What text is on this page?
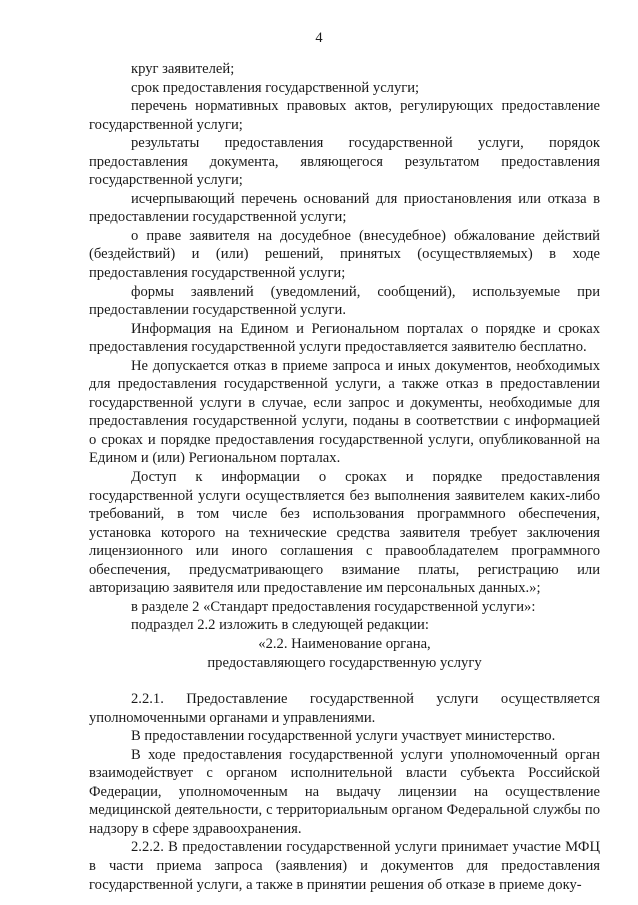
4

круг заявителей;

срок предоставления государственной услуги;

перечень нормативных правовых актов, регулирующих предоставление государственной услуги;

результаты предоставления государственной услуги, порядок предоставления документа, являющегося результатом предоставления государственной услуги;

исчерпывающий перечень оснований для приостановления или отказа в предоставлении государственной услуги;

о праве заявителя на досудебное (внесудебное) обжалование действий (бездействий) и (или) решений, принятых (осуществляемых) в ходе предоставления государственной услуги;

формы заявлений (уведомлений, сообщений), используемые при предоставлении государственной услуги.

Информация на Едином и Региональном порталах о порядке и сроках предоставления государственной услуги предоставляется заявителю бесплатно.

Не допускается отказ в приеме запроса и иных документов, необходимых для предоставления государственной услуги, а также отказ в предоставлении государственной услуги в случае, если запрос и документы, необходимые для предоставления государственной услуги, поданы в соответствии с информацией о сроках и порядке предоставления государственной услуги, опубликованной на Едином и (или) Региональном порталах.

Доступ к информации о сроках и порядке предоставления государственной услуги осуществляется без выполнения заявителем каких-либо требований, в том числе без использования программного обеспечения, установка которого на технические средства заявителя требует заключения лицензионного или иного соглашения с правообладателем программного обеспечения, предусматривающего взимание платы, регистрацию или авторизацию заявителя или предоставление им персональных данных.»;

в разделе 2 «Стандарт предоставления государственной услуги»:

подраздел 2.2 изложить в следующей редакции:

«2.2. Наименование органа,

предоставляющего государственную услугу

2.2.1. Предоставление государственной услуги осуществляется уполномоченными органами и управлениями.

В предоставлении государственной услуги участвует министерство.

В ходе предоставления государственной услуги уполномоченный орган взаимодействует с органом исполнительной власти субъекта Российской Федерации, уполномоченным на выдачу лицензии на осуществление медицинской деятельности, с территориальным органом Федеральной службы по надзору в сфере здравоохранения.

2.2.2. В предоставлении государственной услуги принимает участие МФЦ в части приема запроса (заявления) и документов для предоставления государственной услуги, а также в принятии решения об отказе в приеме доку-
